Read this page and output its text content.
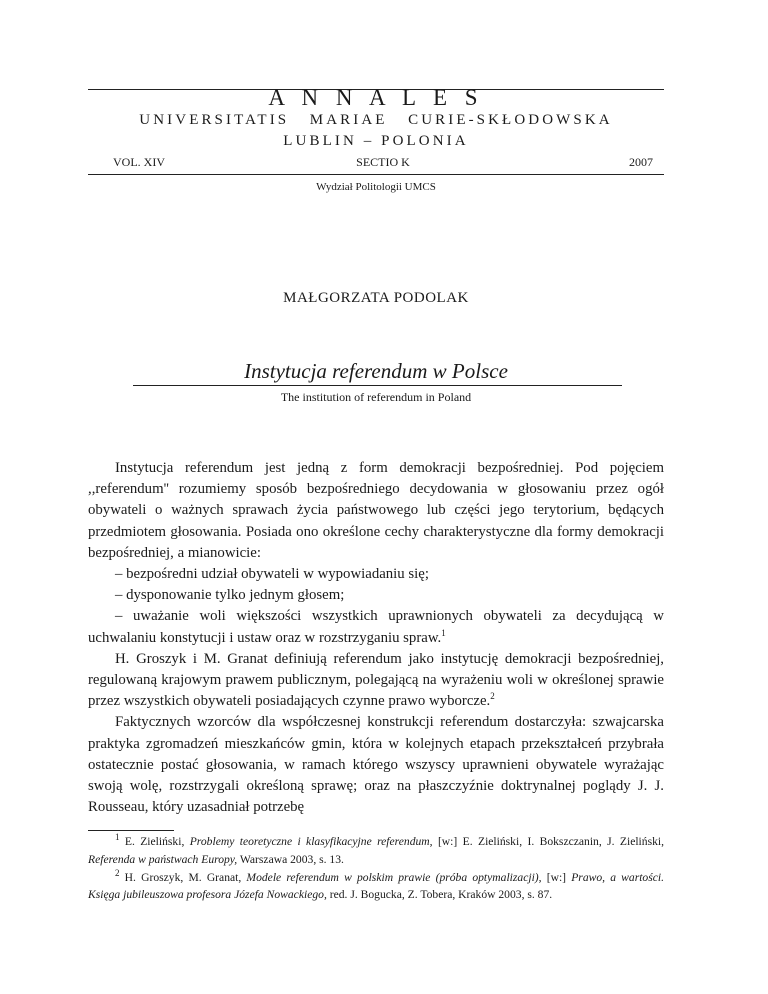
A N N A L E S
UNIVERSITATIS   MARIAE   CURIE-SKŁODOWSKA
LUBLIN – POLONIA
VOL. XIV	SECTIO K	2007
Wydział Politologii UMCS
MAŁGORZATA PODOLAK
Instytucja referendum w Polsce
The institution of referendum in Poland

Instytucja referendum jest jedną z form demokracji bezpośredniej. Pod pojęciem ,,referendum'' rozumiemy sposób bezpośredniego decydowania w głosowaniu przez ogół obywateli o ważnych sprawach życia państwowego lub części jego terytorium, będących przedmiotem głosowania. Posiada ono określone cechy charakterystyczne dla formy demokracji bezpośredniej, a mianowicie:

– bezpośredni udział obywateli w wypowiadaniu się;

– dysponowanie tylko jednym głosem;

– uważanie woli większości wszystkich uprawnionych obywateli za decydującą w uchwalaniu konstytucji i ustaw oraz w rozstrzyganiu spraw.$^1$

H. Groszyk i M. Granat definiują referendum jako instytucję demokracji bezpośredniej, regulowaną krajowym prawem publicznym, polegającą na wyrażeniu woli w określonej sprawie przez wszystkich obywateli posiadających czynne prawo wyborcze.$^2$

Faktycznych wzorców dla współczesnej konstrukcji referendum dostarczyła: szwajcarska praktyka zgromadzeń mieszkańców gmin, która w kolejnych etapach przekształceń przybrała ostatecznie postać głosowania, w ramach którego wszyscy uprawnieni obywatele wyrażając swoją wolę, rozstrzygali określoną sprawę; oraz na płaszczyźnie doktrynalnej poglądy J. J. Rousseau, który uzasadniał potrzebę

$^1$ E. Zieliński, Problemy teoretyczne i klasyfikacyjne referendum, [w:] E. Zieliński, I. Bokszczanin, J. Zieliński, Referenda w państwach Europy, Warszawa 2003, s. 13.

$^2$ H. Groszyk, M. Granat, Modele referendum w polskim prawie (próba optymalizacji), [w:] Prawo, a wartości. Księga jubileuszowa profesora Józefa Nowackiego, red. J. Bogucka, Z. Tobera, Kraków 2003, s. 87.
